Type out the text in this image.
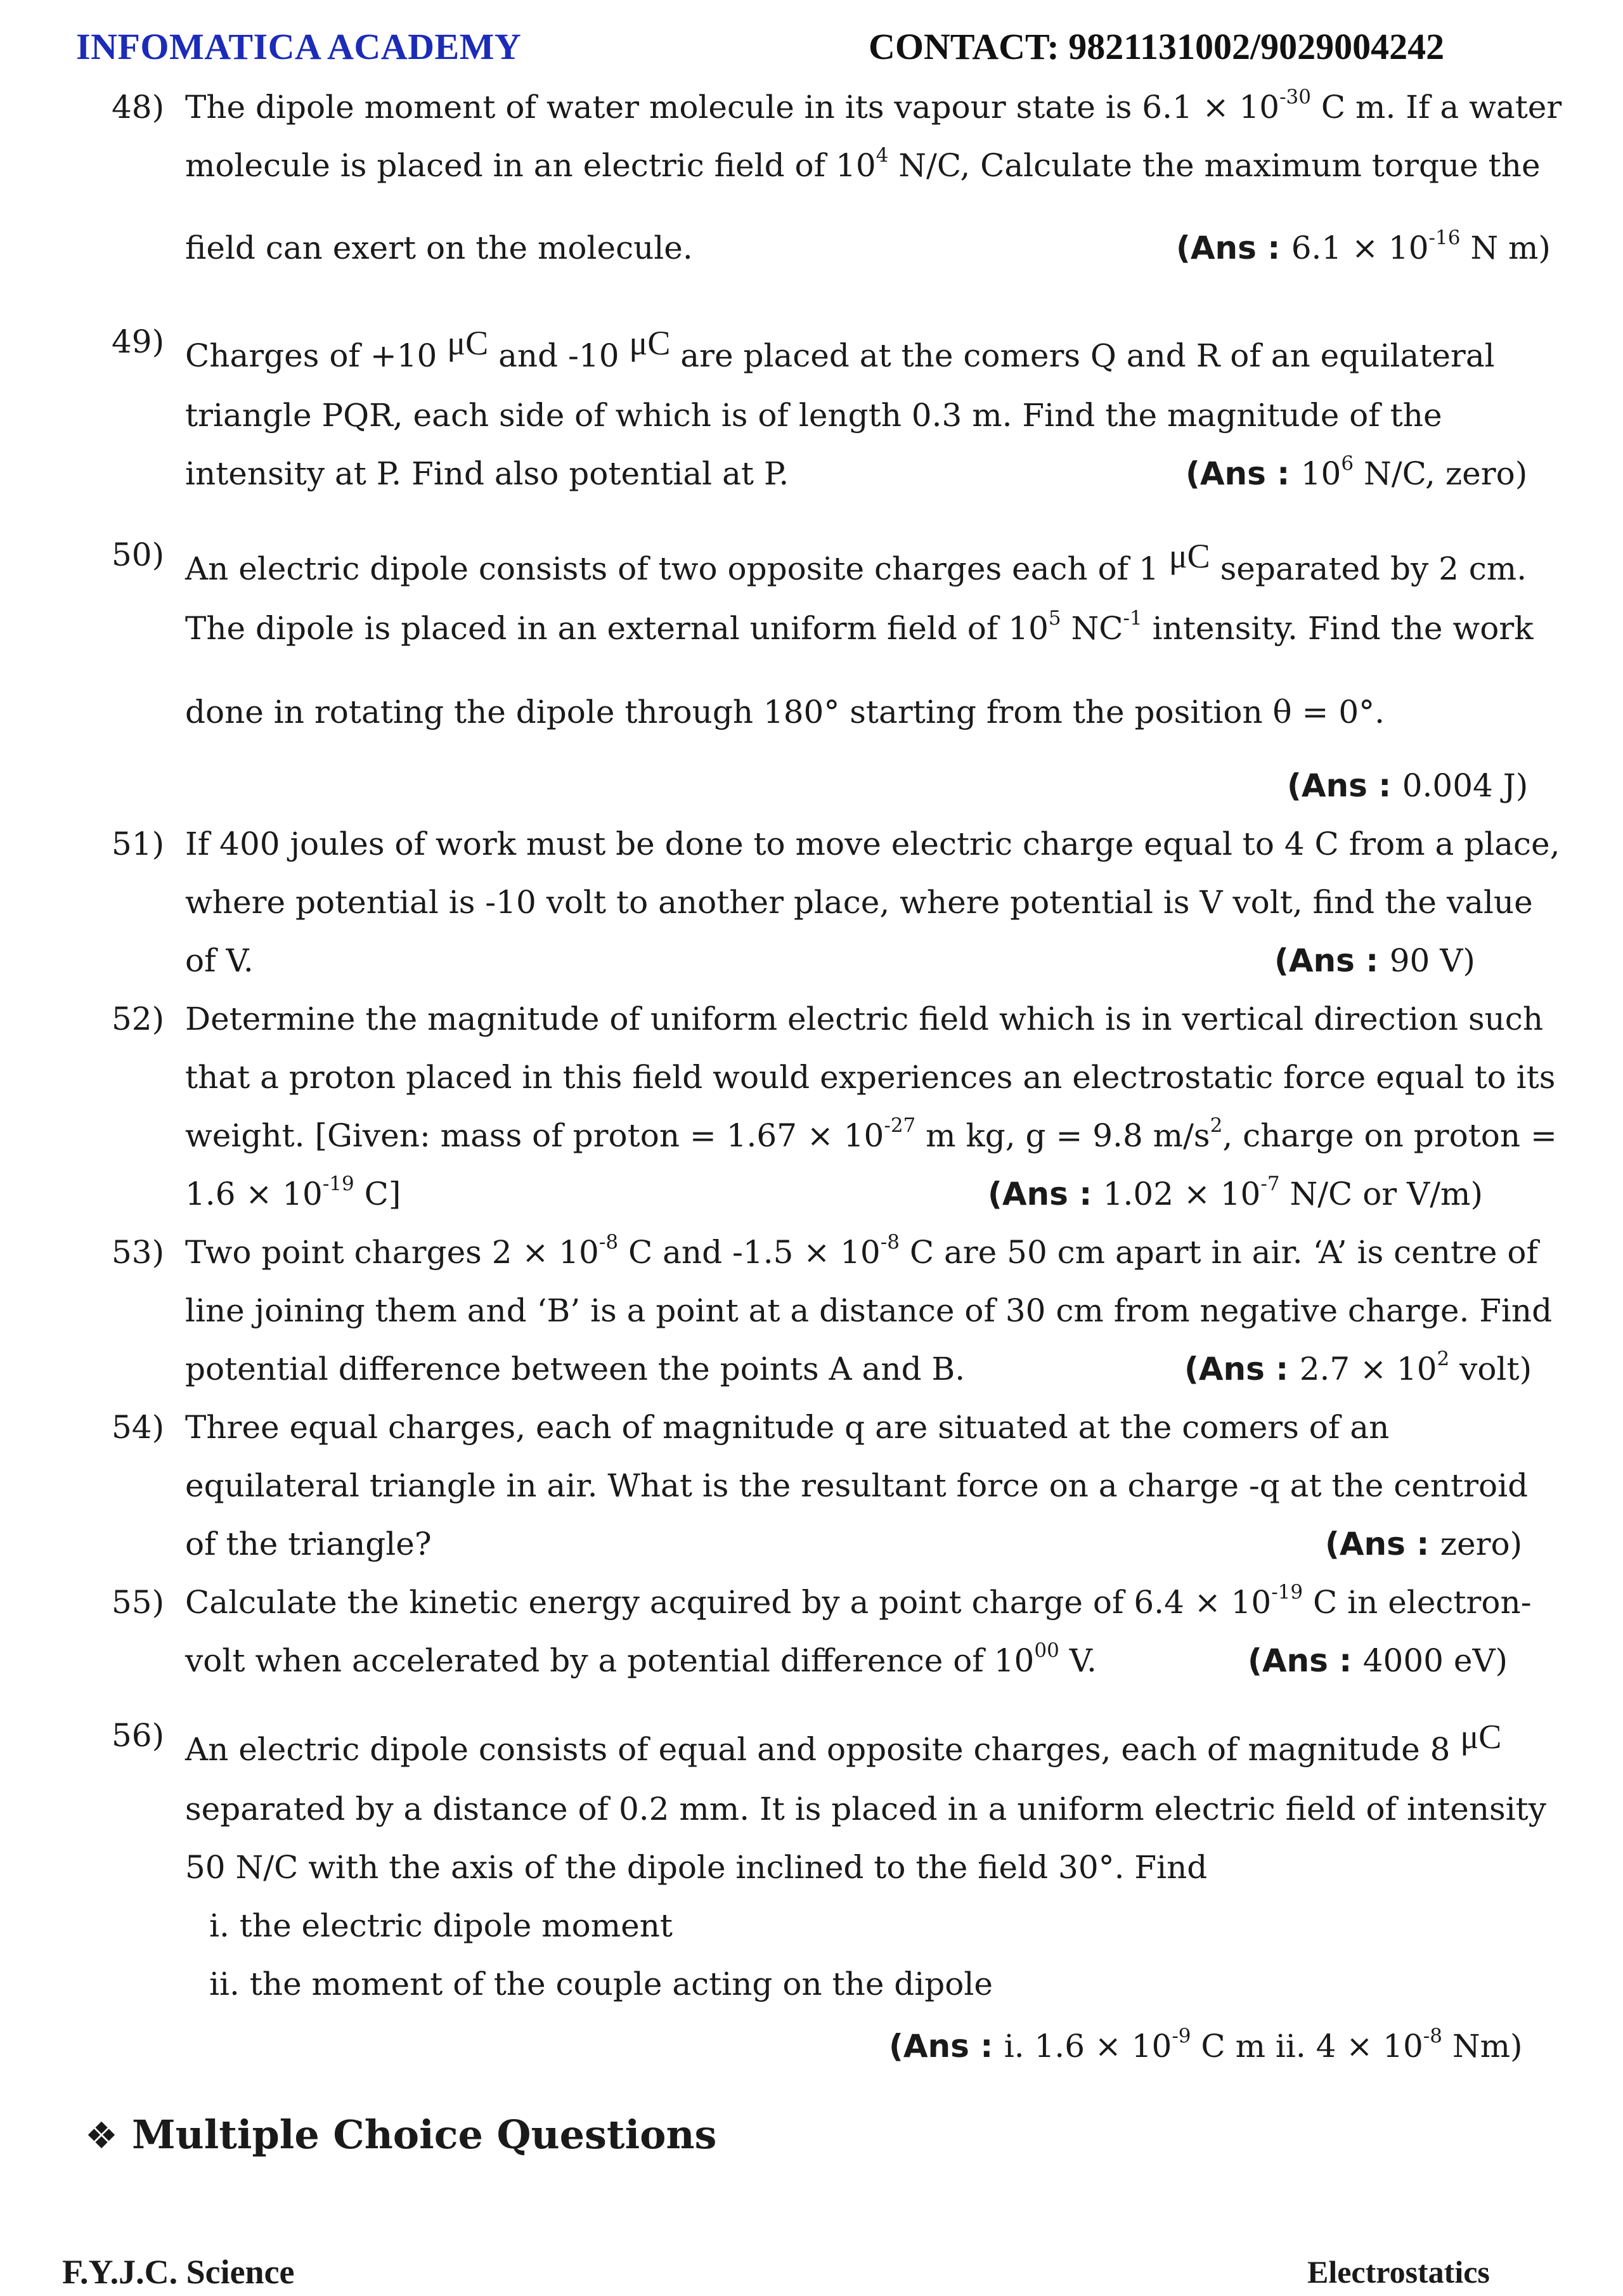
INFOMATICA ACADEMY	CONTACT: 9821131002/9029004242
48) The dipole moment of water molecule in its vapour state is $6.1 \times 10^{-30}$ C m. If a water
molecule is placed in an electric field of $10^4$ N/C, Calculate the maximum torque the
field can exert on the molecule.	(Ans : $6.1 \times 10^{-16}$ N m)
49) Charges of +10 μC and -10 μC are placed at the comers Q and R of an equilateral
triangle PQR, each side of which is of length 0.3 m. Find the magnitude of the
intensity at P. Find also potential at P.	(Ans : $10^6$ N/C, zero)
50) An electric dipole consists of two opposite charges each of 1 μC separated by 2 cm.
The dipole is placed in an external uniform field of $10^5$ $NC^{-1}$ intensity. Find the work
done in rotating the dipole through 180° starting from the position θ = 0°.
(Ans : 0.004 J)
51) If 400 joules of work must be done to move electric charge equal to 4 C from a place,
where potential is -10 volt to another place, where potential is V volt, find the value
of V.	(Ans : 90 V)
52) Determine the magnitude of uniform electric field which is in vertical direction such
that a proton placed in this field would experiences an electrostatic force equal to its
weight. [Given: mass of proton = $1.67 \times 10^{-27}$ m kg, g = 9.8 $m/s^2$, charge on proton =
$1.6 \times 10^{-19}$ C]	(Ans : $1.02 \times 10^{-7}$ N/C or V/m)
53) Two point charges $2 \times 10^{-8}$ C and $-1.5 \times 10^{-8}$ C are 50 cm apart in air. ‘A’ is centre of
line joining them and ‘B’ is a point at a distance of 30 cm from negative charge. Find
potential difference between the points A and B.	(Ans : $2.7 \times 10^2$ volt)
54) Three equal charges, each of magnitude q are situated at the comers of an
equilateral triangle in air. What is the resultant force on a charge -q at the centroid
of the triangle?	(Ans : zero)
55) Calculate the kinetic energy acquired by a point charge of $6.4 \times 10^{-19}$ C in electron-
volt when accelerated by a potential difference of $10^{00}$ V.	(Ans : 4000 eV)
56) An electric dipole consists of equal and opposite charges, each of magnitude 8 μC
separated by a distance of 0.2 mm. It is placed in a uniform electric field of intensity
50 N/C with the axis of the dipole inclined to the field 30°. Find
i. the electric dipole moment
ii. the moment of the couple acting on the dipole
(Ans : i. $1.6 \times 10^{-9}$ C m ii. $4 \times 10^{-8}$ Nm)
❖ Multiple Choice Questions
F.Y.J.C. Science	Electrostatics
